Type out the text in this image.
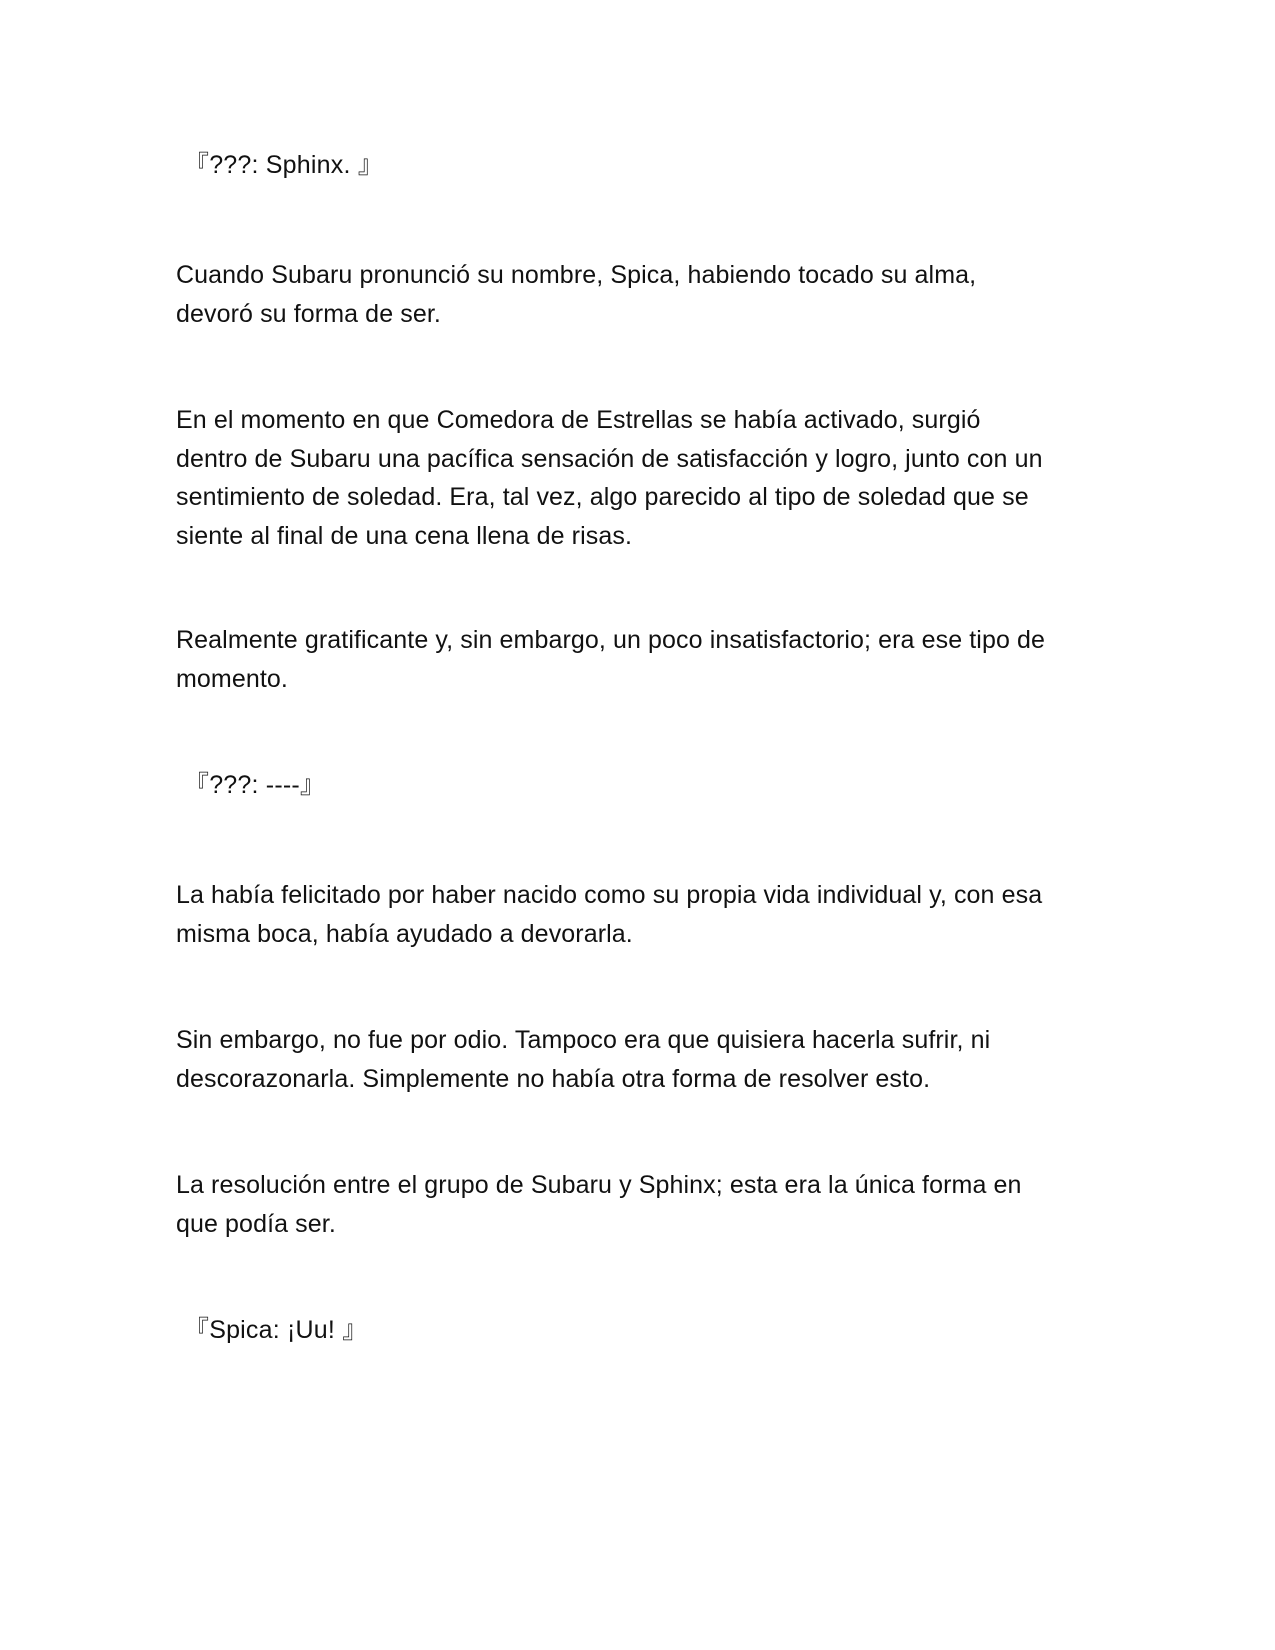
『???: Sphinx. 』

Cuando Subaru pronunció su nombre, Spica, habiendo tocado su alma,
devoró su forma de ser.

En el momento en que Comedora de Estrellas se había activado, surgió
dentro de Subaru una pacífica sensación de satisfacción y logro, junto con un
sentimiento de soledad. Era, tal vez, algo parecido al tipo de soledad que se
siente al final de una cena llena de risas.

Realmente gratificante y, sin embargo, un poco insatisfactorio; era ese tipo de
momento.

『???: ----』

La había felicitado por haber nacido como su propia vida individual y, con esa
misma boca, había ayudado a devorarla.

Sin embargo, no fue por odio. Tampoco era que quisiera hacerla sufrir, ni
descorazonarla. Simplemente no había otra forma de resolver esto.

La resolución entre el grupo de Subaru y Sphinx; esta era la única forma en
que podía ser.

『Spica: ¡Uu! 』
